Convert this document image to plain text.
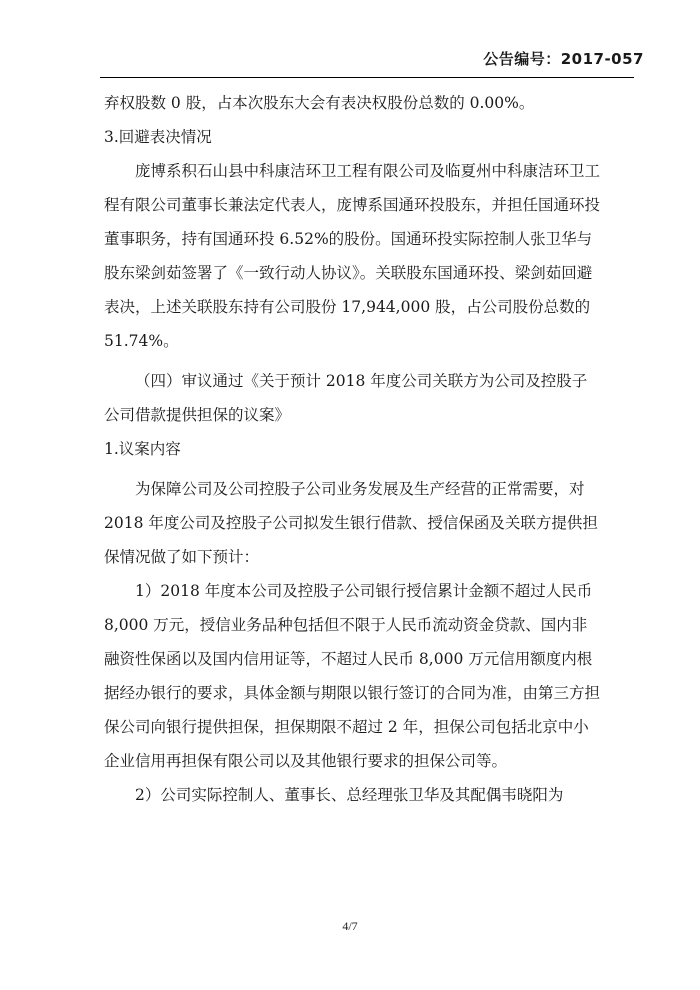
公告编号：2017-057

弃权股数 0 股，占本次股东大会有表决权股份总数的 0.00%。

3.回避表决情况

庞博系积石山县中科康洁环卫工程有限公司及临夏州中科康洁环卫工程有限公司董事长兼法定代表人，庞博系国通环投股东，并担任国通环投董事职务，持有国通环投 6.52%的股份。国通环投实际控制人张卫华与股东梁剑茹签署了《一致行动人协议》。关联股东国通环投、梁剑茹回避表决，上述关联股东持有公司股份 17,944,000 股，占公司股份总数的 51.74%。

（四）审议通过《关于预计 2018 年度公司关联方为公司及控股子公司借款提供担保的议案》

1.议案内容

为保障公司及公司控股子公司业务发展及生产经营的正常需要，对 2018 年度公司及控股子公司拟发生银行借款、授信保函及关联方提供担保情况做了如下预计：

1）2018 年度本公司及控股子公司银行授信累计金额不超过人民币 8,000 万元，授信业务品种包括但不限于人民币流动资金贷款、国内非融资性保函以及国内信用证等，不超过人民币 8,000 万元信用额度内根据经办银行的要求，具体金额与期限以银行签订的合同为准，由第三方担保公司向银行提供担保，担保期限不超过 2 年，担保公司包括北京中小企业信用再担保有限公司以及其他银行要求的担保公司等。

2）公司实际控制人、董事长、总经理张卫华及其配偶韦晓阳为

4/7
